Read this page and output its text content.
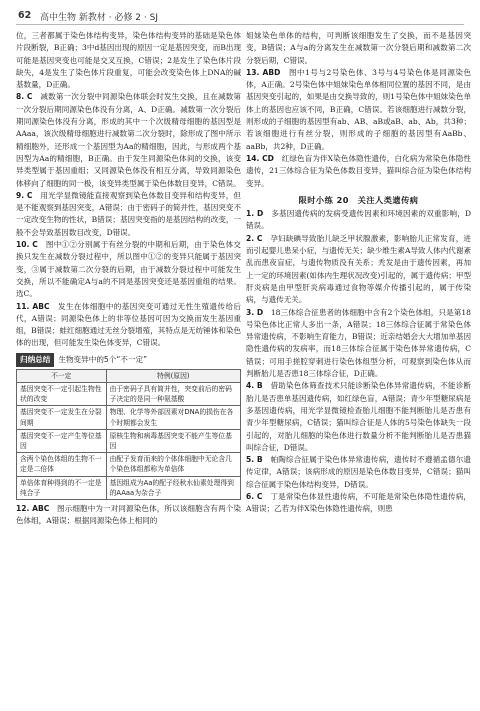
62 高中生物 新教材 · 必修 2 · SJ

位，三者都属于染色体结构变异，染色体结构变异的基础是染色体片段断裂，B正确；3中d基因出现的原因一定是基因突变，而B出现可能是基因突变也可能是交叉互换，C错误；2是发生了染色体片段缺失，4是发生了染色体片段重复，可能会改变染色体上DNA的碱基数量，D正确。

8. C　 减数第一次分裂中同源染色体联会时发生交换，且在减数第一次分裂后期同源染色体没有分离，A、D正确。减数第一次分裂后期同源染色体没有分离，形成的其中一个次级精母细胞的基因型是AAaa，该次级精母细胞进行减数第二次分裂时，除形成了图中所示精细胞外，还形成一个基因型为Aa的精细胞，因此，与形成两个基因型为Aa的精细胞，B正确。由于发生同源染色体间的交换，该变异类型属于基因重组；又同源染色体没有相互分离，导致同源染色体移向了细胞的同一极，该变异类型属于染色体数目变异，C错误。

9. C　 用光学显微镜能直接观察到染色体数目变异和结构变异，但是不能观察到基因突变，A错误；由于密码子的简并性，基因突变不一定改变生物的性状，B错误；基因突变指的是基因结构的改变，一般不会导致基因数目改变，D错误。

10. C　 图中①②分别属于有丝分裂的中期和后期，由于染色体交换只发生在减数分裂过程中，所以图中①②的变异只能属于基因突变，③属于减数第二次分裂的后期，由于减数分裂过程中可能发生交换，所以不能确定A与a的不同是基因突变还是基因重组的结果。选C。

11. ABC　 发生在体细胞中的基因突变可通过无性生殖遗传给后代，A错误；同源染色体上的非等位基因可因为交换而发生基因重组，B错误；蛙红细胞通过无丝分裂增殖，其特点是无纺锤体和染色体的出现，但可能发生染色体变异，C错误。

归纳总结 生物变异中的5个“不一定”
不一定	特例(原因)
基因突变不一定引起生物性状的改变	由于密码子具有简并性，突变前后的密码子决定的是同一种氨基酸
基因突变不一定发生在分裂间期	物理、化学等外部因素对DNA的损伤在各个时期都会发生
基因突变不一定产生等位基因	原核生物和病毒基因突变不能产生等位基因
含两个染色体组的生物不一定是二倍体	由配子发育而来的个体体细胞中无论含几个染色体组都称为单倍体
单倍体育种得到的不一定是纯合子	基因组成为Aa的配子经秋水仙素处理得到的AAaa为杂合子

12. ABC　 图示细胞中为一对同源染色体，所以该细胞含有两个染色体组，A错误；根据同源染色体上相同的

姐妹染色单体的结构，可判断该细胞发生了交换，而不是基因突变，B错误；A与a的分离发生在减数第一次分裂后期和减数第二次分裂后期，C错误。

13. ABD　 图中1号与2号染色体、3号与4号染色体是同源染色体，A正确。2号染色体中姐妹染色单体相同位置的基因不同，是由基因突变引起的，如果是由交换导致的，则1号染色体中姐妹染色单体上的基因也应该不同，B正确，C错误。若该细胞进行减数分裂，则形成的子细胞的基因型有ab、AB、aB或aB、ab、Ab，共3种；若该细胞进行有丝分裂，则形成的子细胞的基因型有AaBb、aaBb，共2种，D正确。

14. CD　 红绿色盲为伴X染色体隐性遗传，白化病为常染色体隐性遗传，21三体综合征为染色体数目变异，猫叫综合征为染色体结构变异。

限时小练 20　关注人类遗传病

1. D　 多基因遗传病的发病受遗传因素和环境因素的双重影响，D错误。

2. C　 孕妇缺碘导致胎儿缺乏甲状腺激素，影响胎儿正常发育，进而引起婴儿患呆小症，与遗传无关；缺少维生素A导致人体内代谢紊乱而患夜盲症，与遗传物质没有关系；秃发是由于遗传因素，再加上一定的环境因素(如体内生理状况改变)引起的，属于遗传病；甲型肝炎病是由甲型肝炎病毒通过食物等媒介传播引起的，属于传染病，与遗传无关。

3. D　 18三体综合征患者的体细胞中含有2个染色体组，只是第18号染色体比正常人多出一条，A错误；18三体综合征属于常染色体异常遗传病，不影响生育能力，B错误；近亲结婚会大大增加单基因隐性遗传病的发病率，而18三体综合征属于染色体异常遗传病，C错误；可用手搓腔穿刺进行染色体组型分析，可观察到染色体从而判断胎儿是否患18三体综合征，D正确。

4. B　 借助染色体筛查技术只能诊断染色体异常遗传病，不能诊断胎儿是否患单基因遗传病，如红绿色盲，A错误；青少年型糖尿病是多基因遗传病，用光学显微镜检查胎儿细胞不能判断胎儿是否患有青少年型糖尿病，C错误；猫叫综合征是人体的5号染色体缺失一段引起的，对胎儿细胞的染色体进行数量分析不能判断胎儿是否患猫叫综合征，D错误。

5. B　 帕陶综合征属于染色体异常遗传病，遗传时不遵循孟德尔遗传定律，A错误；该病形成的原因是染色体数目变异，C错误；猫叫综合征属于染色体结构变异，D错误。

6. C　 丁是常染色体显性遗传病，不可能是常染色体隐性遗传病，A错误；乙若为伴X染色体隐性遗传病，则患
